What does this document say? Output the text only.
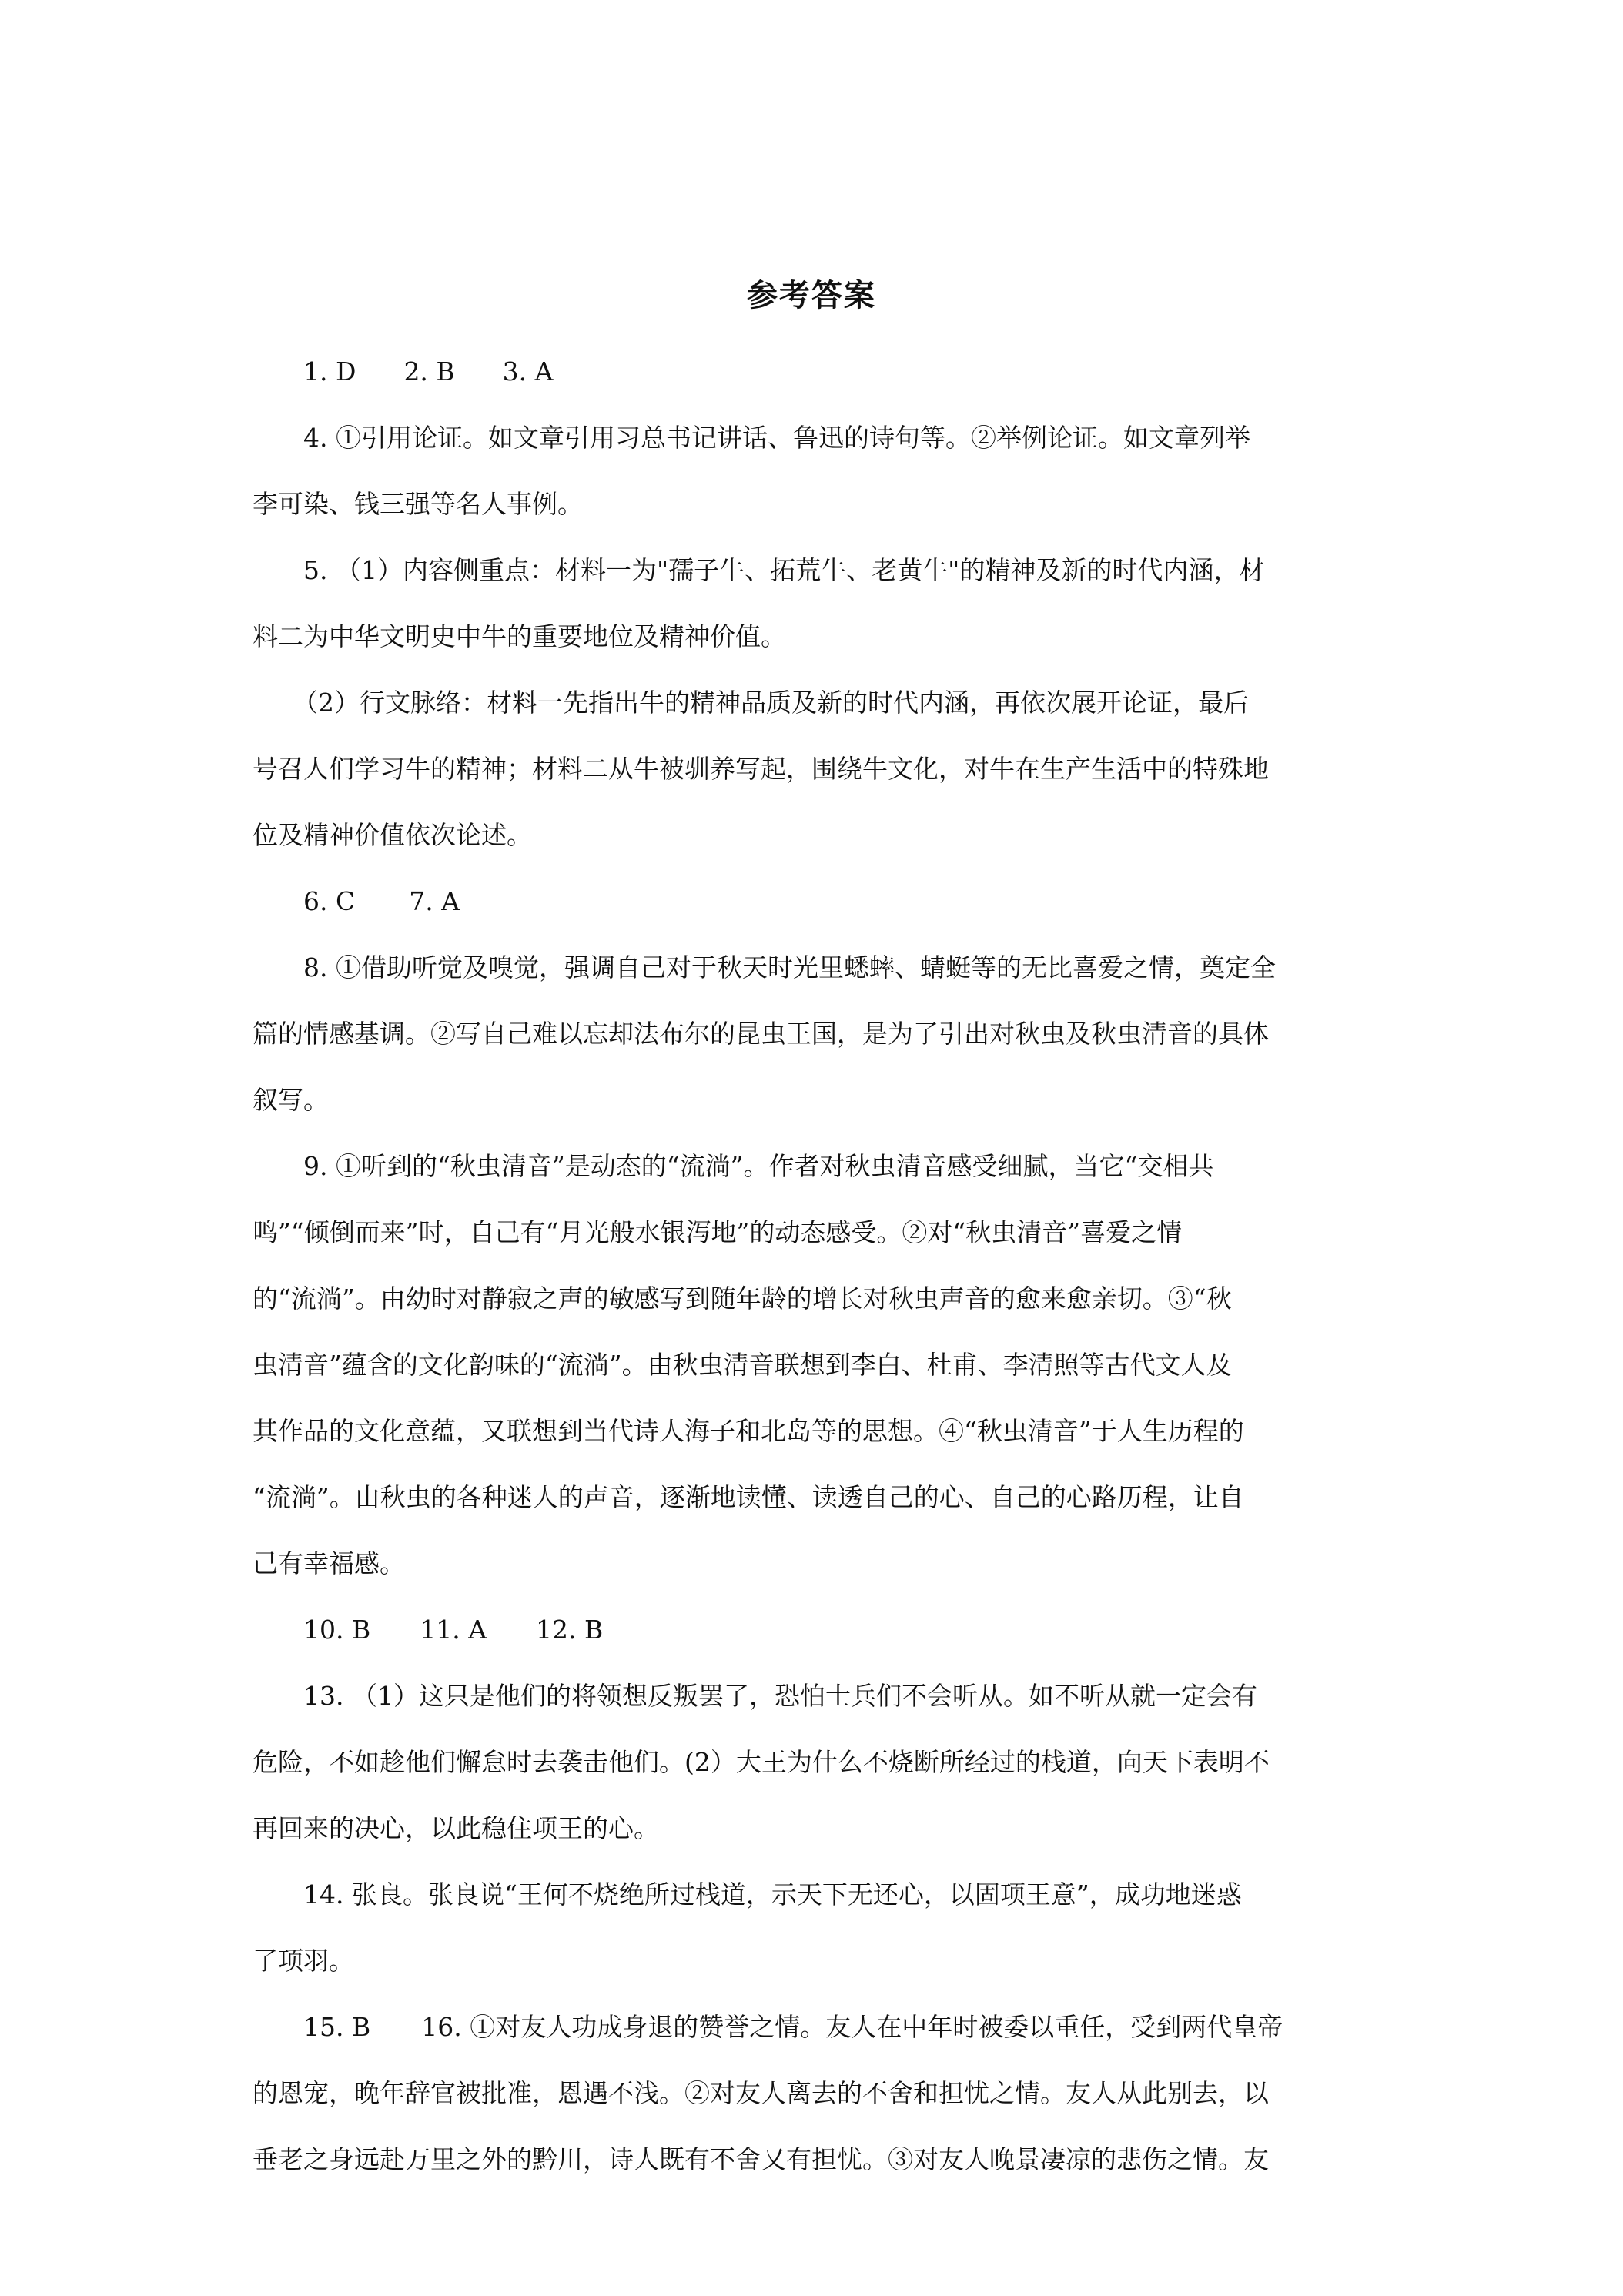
参考答案
1. D 2. B 3. A
4. ①引用论证。如文章引用习总书记讲话、鲁迅的诗句等。②举例论证。如文章列举
李可染、钱三强等名人事例。
5. （1）内容侧重点：材料一为"孺子牛、拓荒牛、老黄牛"的精神及新的时代内涵，材
料二为中华文明史中牛的重要地位及精神价值。
（2）行文脉络：材料一先指出牛的精神品质及新的时代内涵，再依次展开论证，最后
号召人们学习牛的精神；材料二从牛被驯养写起，围绕牛文化，对牛在生产生活中的特殊地
位及精神价值依次论述。
6. C 7. A
8. ①借助听觉及嗅觉，强调自己对于秋天时光里蟋蟀、蜻蜓等的无比喜爱之情，奠定全
篇的情感基调。②写自己难以忘却法布尔的昆虫王国，是为了引出对秋虫及秋虫清音的具体
叙写。
9. ①听到的“秋虫清音”是动态的“流淌”。作者对秋虫清音感受细腻，当它“交相共
鸣”“倾倒而来”时，自己有“月光般水银泻地”的动态感受。②对“秋虫清音”喜爱之情
的“流淌”。由幼时对静寂之声的敏感写到随年龄的增长对秋虫声音的愈来愈亲切。③“秋
虫清音”蕴含的文化韵味的“流淌”。由秋虫清音联想到李白、杜甫、李清照等古代文人及
其作品的文化意蕴，又联想到当代诗人海子和北岛等的思想。④“秋虫清音”于人生历程的
“流淌”。由秋虫的各种迷人的声音，逐渐地读懂、读透自己的心、自己的心路历程，让自
己有幸福感。
10. B 11. A 12. B
13. （1）这只是他们的将领想反叛罢了，恐怕士兵们不会听从。如不听从就一定会有
危险，不如趁他们懈怠时去袭击他们。(2）大王为什么不烧断所经过的栈道，向天下表明不
再回来的决心，以此稳住项王的心。
14. 张良。张良说“王何不烧绝所过栈道，示天下无还心，以固项王意”，成功地迷惑
了项羽。
15. B　　16. ①对友人功成身退的赞誉之情。友人在中年时被委以重任，受到两代皇帝
的恩宠，晚年辞官被批准，恩遇不浅。②对友人离去的不舍和担忧之情。友人从此别去，以
垂老之身远赴万里之外的黔川，诗人既有不舍又有担忧。③对友人晚景凄凉的悲伤之情。友
